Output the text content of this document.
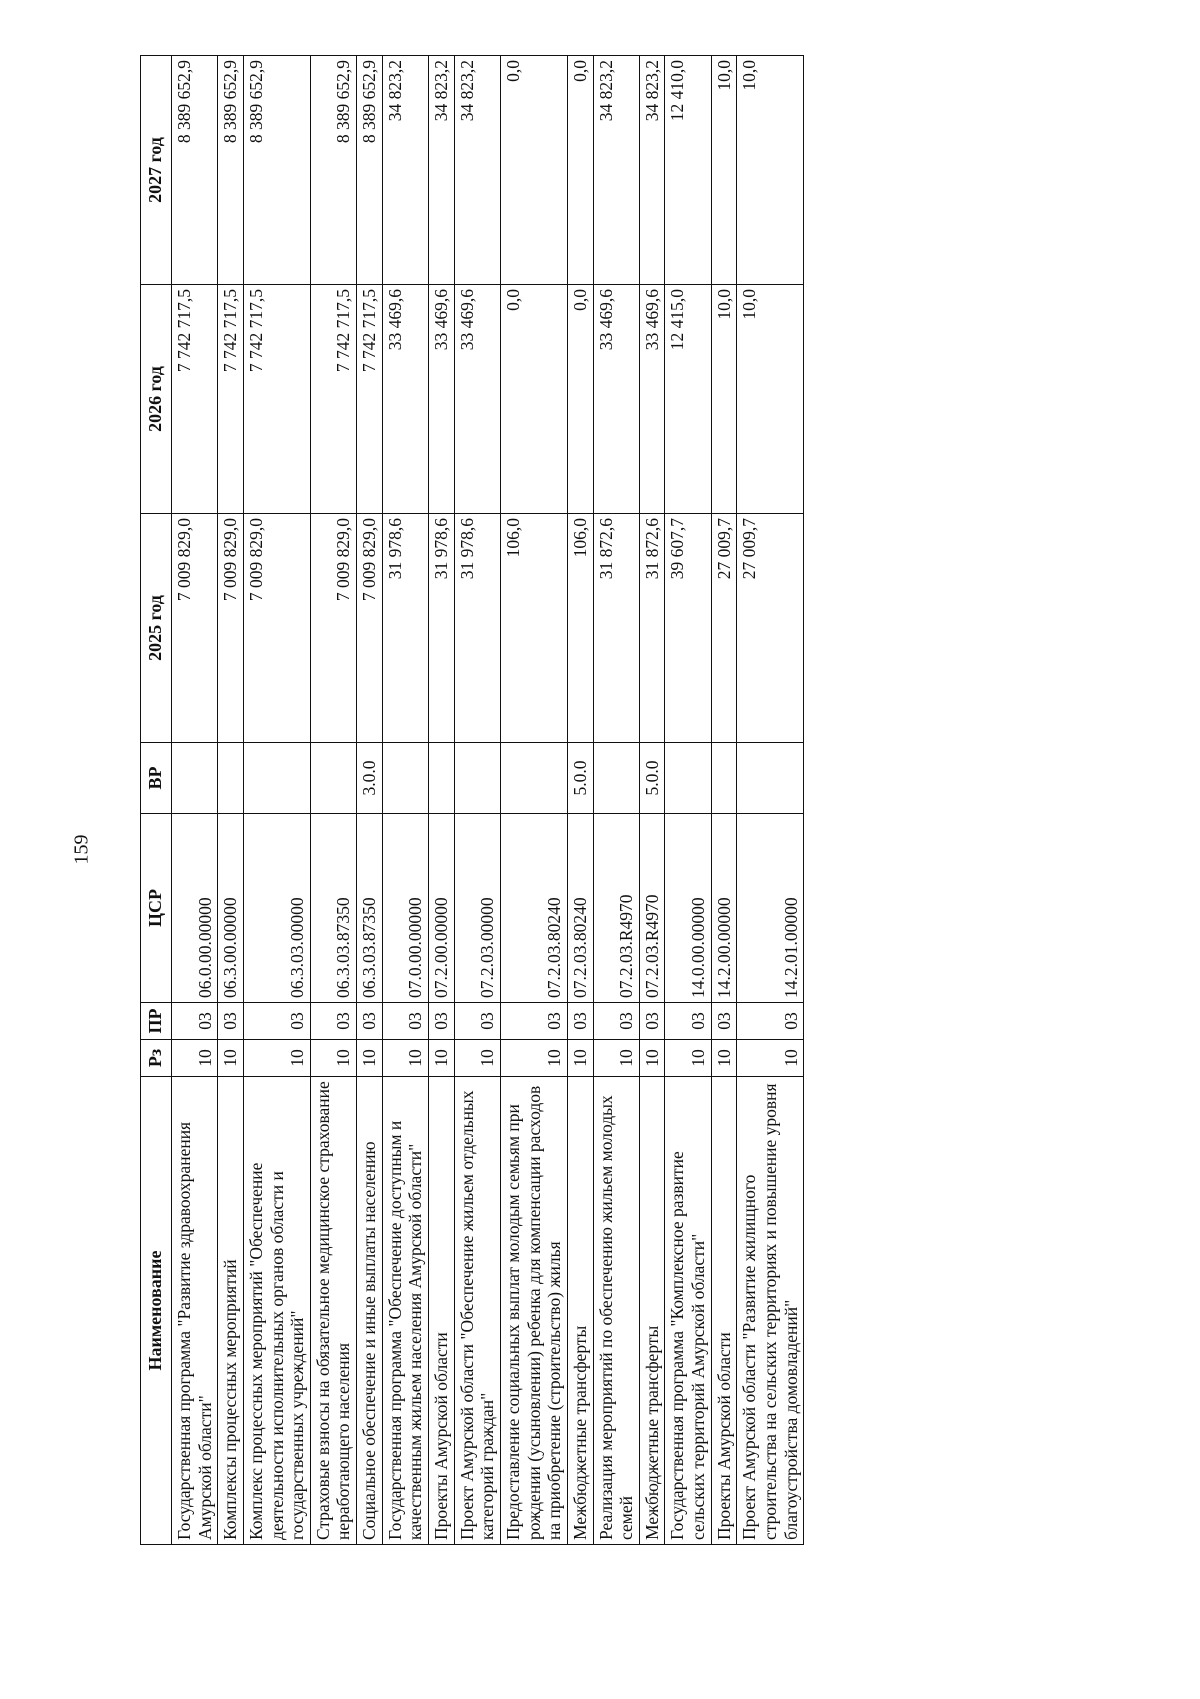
159
Наименование	Рз	ПР	ЦСР	ВР	2025 год	2026 год	2027 год
Государственная программа "Развитие здравоохранения Амурской области"	10	03	06.0.00.00000		7 009 829,0	7 742 717,5	8 389 652,9
Комплексы процессных мероприятий	10	03	06.3.00.00000		7 009 829,0	7 742 717,5	8 389 652,9
Комплекс процессных мероприятий "Обеспечение деятельности исполнительных органов области и государственных учреждений"	10	03	06.3.03.00000		7 009 829,0	7 742 717,5	8 389 652,9
Страховые взносы на обязательное медицинское страхование неработающего населения	10	03	06.3.03.87350		7 009 829,0	7 742 717,5	8 389 652,9
Социальное обеспечение и иные выплаты населению	10	03	06.3.03.87350	3.0.0	7 009 829,0	7 742 717,5	8 389 652,9
Государственная программа "Обеспечение доступным и качественным жильем населения Амурской области"	10	03	07.0.00.00000		31 978,6	33 469,6	34 823,2
Проекты Амурской области	10	03	07.2.00.00000		31 978,6	33 469,6	34 823,2
Проект Амурской области "Обеспечение жильем отдельных категорий граждан"	10	03	07.2.03.00000		31 978,6	33 469,6	34 823,2
Предоставление социальных выплат молодым семьям при рождении (усыновлении) ребенка для компенсации расходов на приобретение (строительство) жилья	10	03	07.2.03.80240		106,0	0,0	0,0
Межбюджетные трансферты	10	03	07.2.03.80240	5.0.0	106,0	0,0	0,0
Реализация мероприятий по обеспечению жильем молодых семей	10	03	07.2.03.R4970		31 872,6	33 469,6	34 823,2
Межбюджетные трансферты	10	03	07.2.03.R4970	5.0.0	31 872,6	33 469,6	34 823,2
Государственная программа "Комплексное развитие сельских территорий Амурской области"	10	03	14.0.00.00000		39 607,7	12 415,0	12 410,0
Проекты Амурской области	10	03	14.2.00.00000		27 009,7	10,0	10,0
Проект Амурской области "Развитие жилищного строительства на сельских территориях и повышение уровня благоустройства домовладений"	10	03	14.2.01.00000		27 009,7	10,0	10,0
